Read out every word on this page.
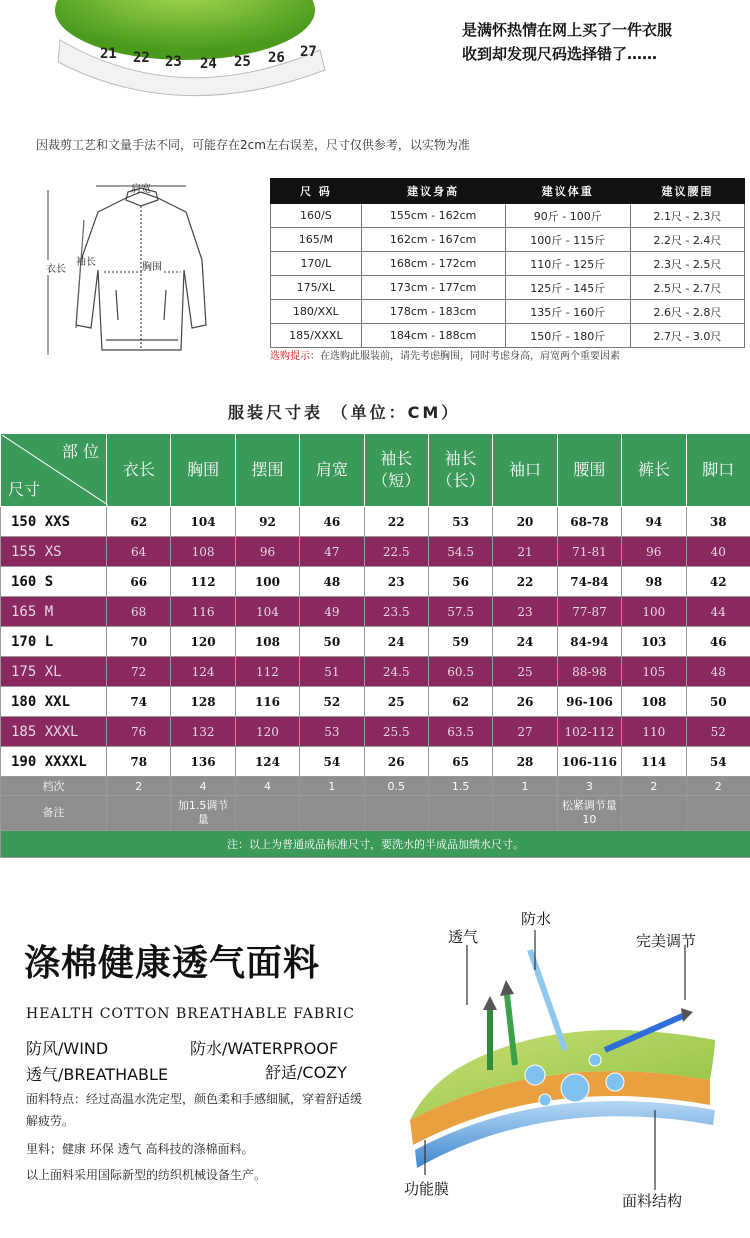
21 22 23 24 25 26 27
是满怀热情在网上买了一件衣服
收到却发现尺码选择错了……
因裁剪工艺和文量手法不同，可能存在2cm左右误差，尺寸仅供参考，以实物为准
肩宽
袖长
衣长	胸围
尺 码	建议身高	建议体重	建议腰围
160/S	155cm - 162cm	90斤 - 100斤	2.1尺 - 2.3尺
165/M	162cm - 167cm	100斤 - 115斤	2.2尺 - 2.4尺
170/L	168cm - 172cm	110斤 - 125斤	2.3尺 - 2.5尺
175/XL	173cm - 177cm	125斤 - 145斤	2.5尺 - 2.7尺
180/XXL	178cm - 183cm	135斤 - 160斤	2.6尺 - 2.8尺
185/XXXL	184cm - 188cm	150斤 - 180斤	2.7尺 - 3.0尺
选购提示：在选购此服装前，请先考虑胸围，同时考虑身高，肩宽两个重要因素
服装尺寸表 （单位：CM）
部 位
尺寸	衣长	胸围	摆围	肩宽	袖长（短）	袖长（长）	袖口	腰围	裤长	脚口
150 XXS	62	104	92	46	22	53	20	68-78	94	38
155 XS	64	108	96	47	22.5	54.5	21	71-81	96	40
160 S	66	112	100	48	23	56	22	74-84	98	42
165 M	68	116	104	49	23.5	57.5	23	77-87	100	44
170 L	70	120	108	50	24	59	24	84-94	103	46
175 XL	72	124	112	51	24.5	60.5	25	88-98	105	48
180 XXL	74	128	116	52	25	62	26	96-106	108	50
185 XXXL	76	132	120	53	25.5	63.5	27	102-112	110	52
190 XXXXL	78	136	124	54	26	65	28	106-116	114	54
档次	2	4	4	1	0.5	1.5	1	3	2	2
备注		加1.5调节量						松紧调节量10		
注：以上为普通成品标准尺寸，要洗水的半成品加绩水尺寸。										
涤棉健康透气面料
HEALTH COTTON BREATHABLE FABRIC
防风/WIND	防水/WATERPROOF
透气/BREATHABLE	舒适/COZY
面料特点：经过高温水洗定型，颜色柔和手感细腻，穿着舒适缓解疲劳。
里料；健康 环保 透气 高科技的涤棉面料。
以上面料采用国际新型的纺织机械设备生产。
透气
防水
完美调节
功能膜
面料结构
